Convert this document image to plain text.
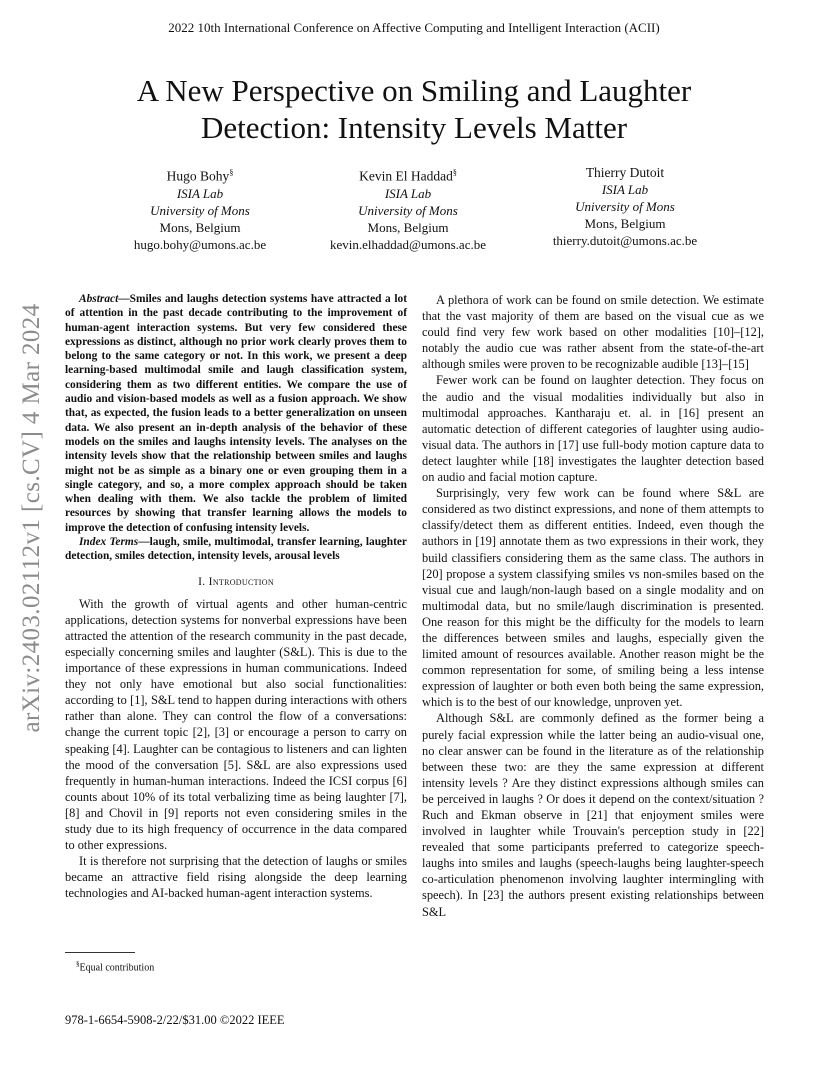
2022 10th International Conference on Affective Computing and Intelligent Interaction (ACII)
A New Perspective on Smiling and Laughter
Detection: Intensity Levels Matter
Hugo Bohy§
ISIA Lab
University of Mons
Mons, Belgium
hugo.bohy@umons.ac.be
Kevin El Haddad§
ISIA Lab
University of Mons
Mons, Belgium
kevin.elhaddad@umons.ac.be
Thierry Dutoit
ISIA Lab
University of Mons
Mons, Belgium
thierry.dutoit@umons.ac.be
arXiv:2403.02112v1 [cs.CV] 4 Mar 2024

Abstract—Smiles and laughs detection systems have attracted a lot of attention in the past decade contributing to the improvement of human-agent interaction systems. But very few considered these expressions as distinct, although no prior work clearly proves them to belong to the same category or not. In this work, we present a deep learning-based multimodal smile and laugh classification system, considering them as two different entities. We compare the use of audio and vision-based models as well as a fusion approach. We show that, as expected, the fusion leads to a better generalization on unseen data. We also present an in-depth analysis of the behavior of these models on the smiles and laughs intensity levels. The analyses on the intensity levels show that the relationship between smiles and laughs might not be as simple as a binary one or even grouping them in a single category, and so, a more complex approach should be taken when dealing with them. We also tackle the problem of limited resources by showing that transfer learning allows the models to improve the detection of confusing intensity levels.

Index Terms—laugh, smile, multimodal, transfer learning, laughter detection, smiles detection, intensity levels, arousal levels

I. Introduction

With the growth of virtual agents and other human-centric applications, detection systems for nonverbal expressions have been attracted the attention of the research community in the past decade, especially concerning smiles and laughter (S&L). This is due to the importance of these expressions in human communications. Indeed they not only have emotional but also social functionalities: according to [1], S&L tend to happen during interactions with others rather than alone. They can control the flow of a conversations: change the current topic [2], [3] or encourage a person to carry on speaking [4]. Laughter can be contagious to listeners and can lighten the mood of the conversation [5]. S&L are also expressions used frequently in human-human interactions. Indeed the ICSI corpus [6] counts about 10% of its total verbalizing time as being laughter [7], [8] and Chovil in [9] reports not even considering smiles in the study due to its high frequency of occurrence in the data compared to other expressions.

It is therefore not surprising that the detection of laughs or smiles became an attractive field rising alongside the deep learning technologies and AI-backed human-agent interaction systems.

A plethora of work can be found on smile detection. We estimate that the vast majority of them are based on the visual cue as we could find very few work based on other modalities [10]–[12], notably the audio cue was rather absent from the state-of-the-art although smiles were proven to be recognizable audible [13]–[15]

Fewer work can be found on laughter detection. They focus on the audio and the visual modalities individually but also in multimodal approaches. Kantharaju et. al. in [16] present an automatic detection of different categories of laughter using audio-visual data. The authors in [17] use full-body motion capture data to detect laughter while [18] investigates the laughter detection based on audio and facial motion capture.

Surprisingly, very few work can be found where S&L are considered as two distinct expressions, and none of them attempts to classify/detect them as different entities. Indeed, even though the authors in [19] annotate them as two expressions in their work, they build classifiers considering them as the same class. The authors in [20] propose a system classifying smiles vs non-smiles based on the visual cue and laugh/non-laugh based on a single modality and on multimodal data, but no smile/laugh discrimination is presented. One reason for this might be the difficulty for the models to learn the differences between smiles and laughs, especially given the limited amount of resources available. Another reason might be the common representation for some, of smiling being a less intense expression of laughter or both even both being the same expression, which is to the best of our knowledge, unproven yet.

Although S&L are commonly defined as the former being a purely facial expression while the latter being an audio-visual one, no clear answer can be found in the literature as of the relationship between these two: are they the same expression at different intensity levels ? Are they distinct expressions although smiles can be perceived in laughs ? Or does it depend on the context/situation ? Ruch and Ekman observe in [21] that enjoyment smiles were involved in laughter while Trouvain's perception study in [22] revealed that some participants preferred to categorize speech-laughs into smiles and laughs (speech-laughs being laughter-speech co-articulation phenomenon involving laughter intermingling with speech). In [23] the authors present existing relationships between S&L

§Equal contribution
978-1-6654-5908-2/22/$31.00 ©2022 IEEE
